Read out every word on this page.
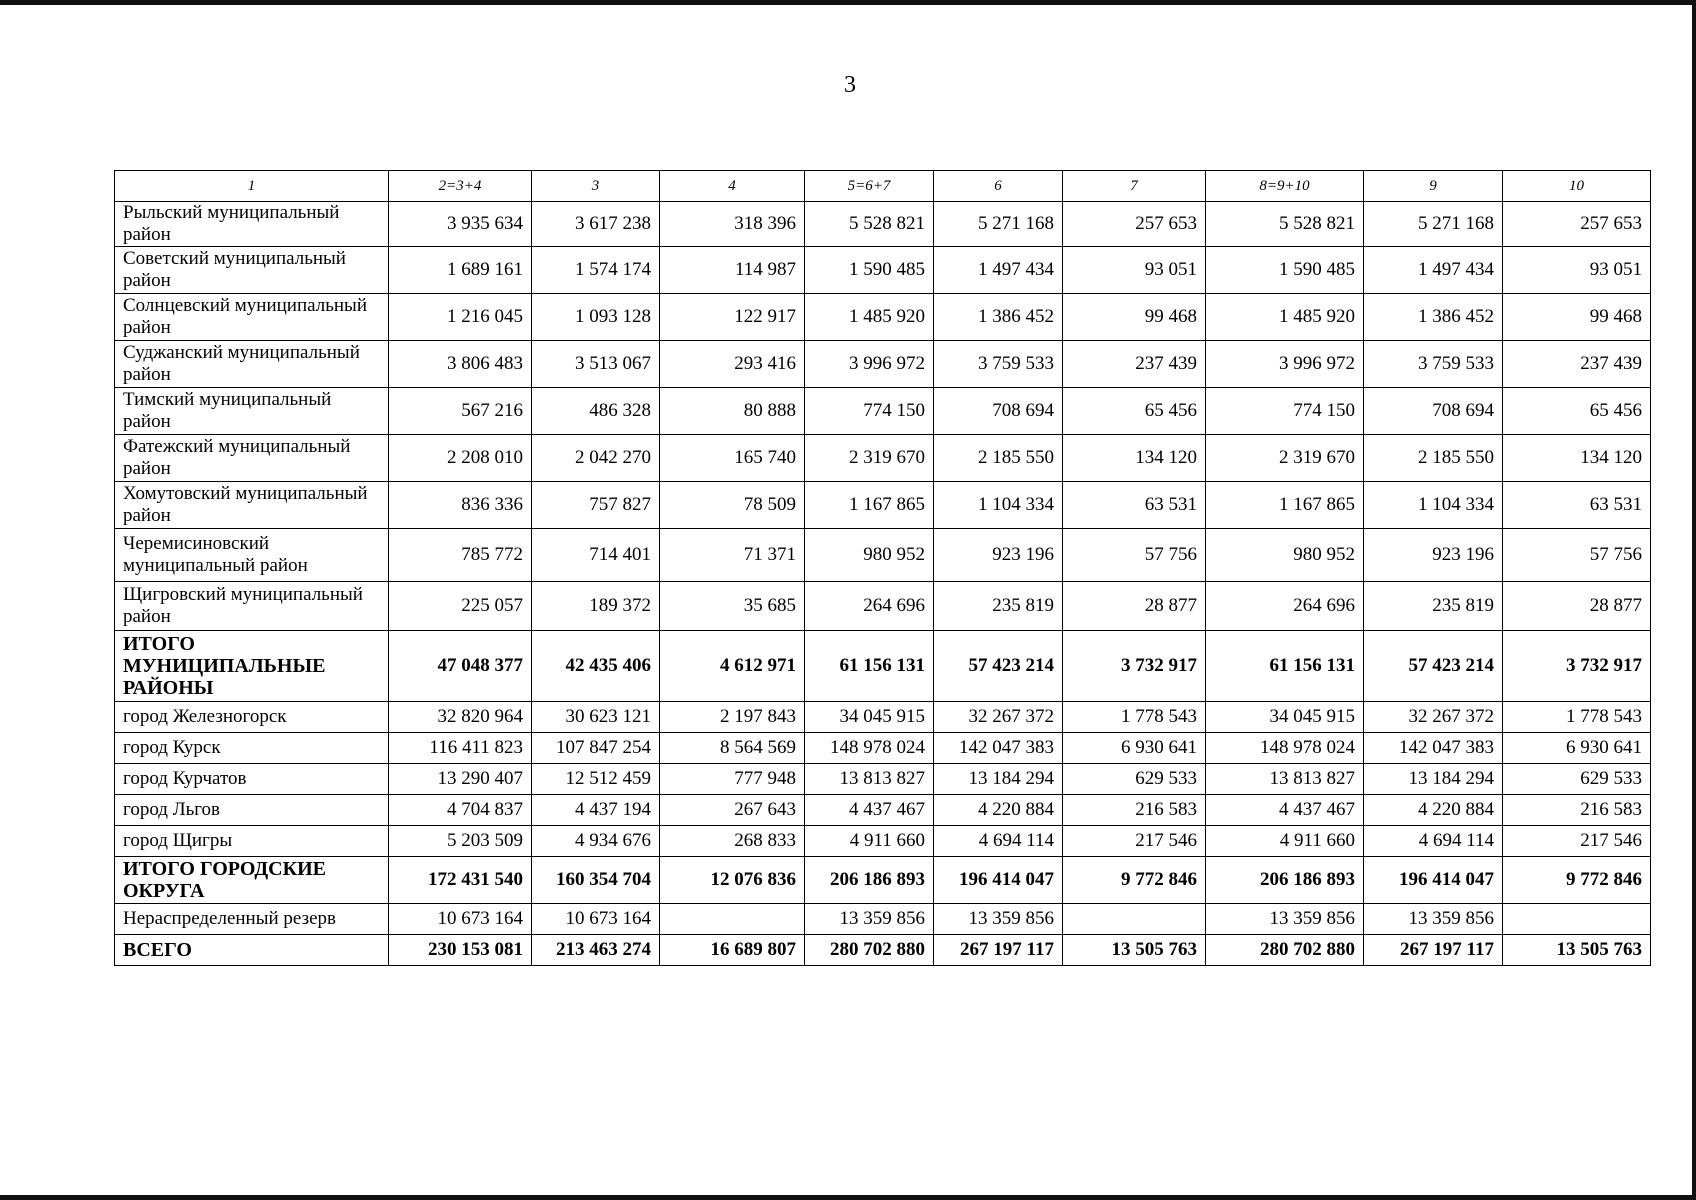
3
1	2=3+4	3	4	5=6+7	6	7	8=9+10	9	10
Рыльский муниципальный район	3 935 634	3 617 238	318 396	5 528 821	5 271 168	257 653	5 528 821	5 271 168	257 653
Советский муниципальный район	1 689 161	1 574 174	114 987	1 590 485	1 497 434	93 051	1 590 485	1 497 434	93 051
Солнцевский муниципальный район	1 216 045	1 093 128	122 917	1 485 920	1 386 452	99 468	1 485 920	1 386 452	99 468
Суджанский муниципальный район	3 806 483	3 513 067	293 416	3 996 972	3 759 533	237 439	3 996 972	3 759 533	237 439
Тимский муниципальный район	567 216	486 328	80 888	774 150	708 694	65 456	774 150	708 694	65 456
Фатежский муниципальный район	2 208 010	2 042 270	165 740	2 319 670	2 185 550	134 120	2 319 670	2 185 550	134 120
Хомутовский муниципальный район	836 336	757 827	78 509	1 167 865	1 104 334	63 531	1 167 865	1 104 334	63 531
Черемисиновский муниципальный район	785 772	714 401	71 371	980 952	923 196	57 756	980 952	923 196	57 756
Щигровский муниципальный район	225 057	189 372	35 685	264 696	235 819	28 877	264 696	235 819	28 877
ИТОГО МУНИЦИПАЛЬНЫЕ РАЙОНЫ	47 048 377	42 435 406	4 612 971	61 156 131	57 423 214	3 732 917	61 156 131	57 423 214	3 732 917
город Железногорск	32 820 964	30 623 121	2 197 843	34 045 915	32 267 372	1 778 543	34 045 915	32 267 372	1 778 543
город Курск	116 411 823	107 847 254	8 564 569	148 978 024	142 047 383	6 930 641	148 978 024	142 047 383	6 930 641
город Курчатов	13 290 407	12 512 459	777 948	13 813 827	13 184 294	629 533	13 813 827	13 184 294	629 533
город Льгов	4 704 837	4 437 194	267 643	4 437 467	4 220 884	216 583	4 437 467	4 220 884	216 583
город Щигры	5 203 509	4 934 676	268 833	4 911 660	4 694 114	217 546	4 911 660	4 694 114	217 546
ИТОГО ГОРОДСКИЕ ОКРУГА	172 431 540	160 354 704	12 076 836	206 186 893	196 414 047	9 772 846	206 186 893	196 414 047	9 772 846
Нераспределенный резерв	10 673 164	10 673 164		13 359 856	13 359 856		13 359 856	13 359 856	
ВСЕГО	230 153 081	213 463 274	16 689 807	280 702 880	267 197 117	13 505 763	280 702 880	267 197 117	13 505 763
